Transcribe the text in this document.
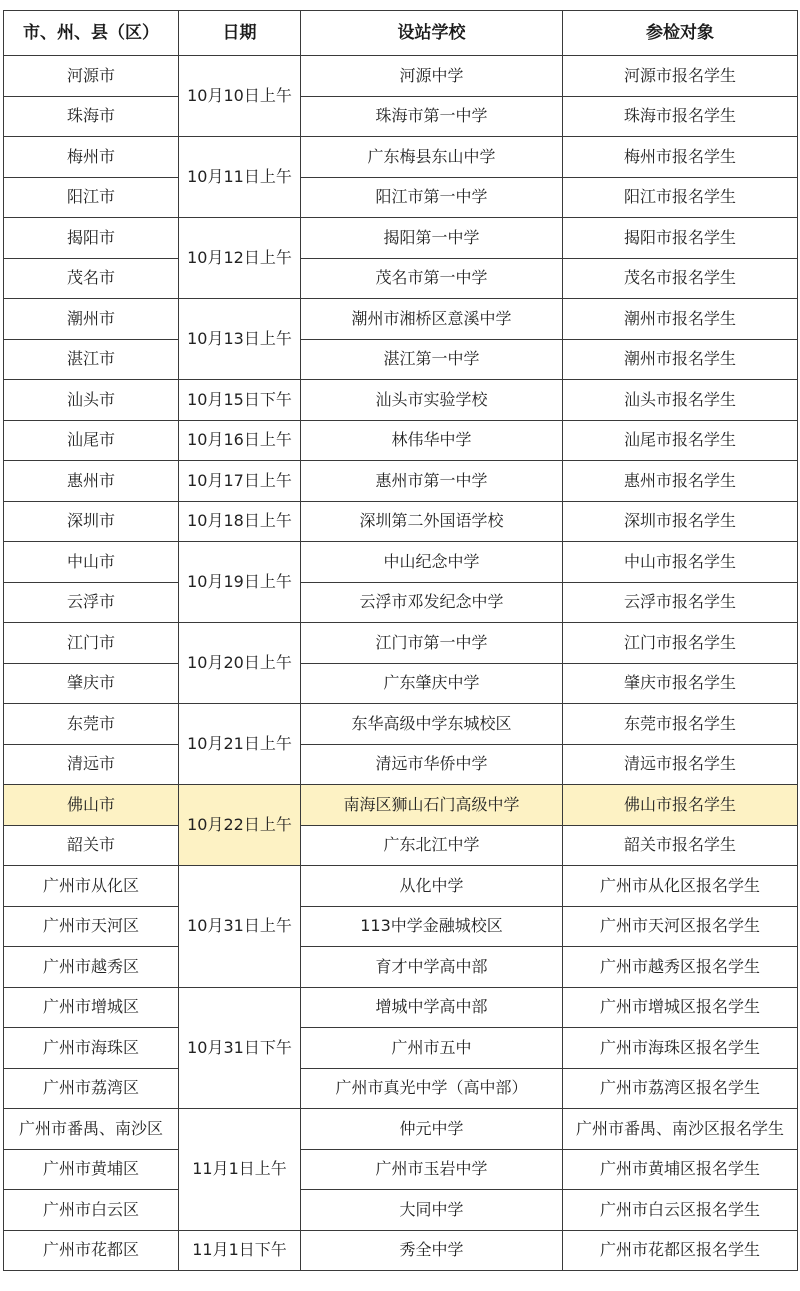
市、州、县（区）	日期	设站学校	参检对象
河源市	10月10日上午	河源中学	河源市报名学生
珠海市		珠海市第一中学	珠海市报名学生
梅州市	10月11日上午	广东梅县东山中学	梅州市报名学生
阳江市		阳江市第一中学	阳江市报名学生
揭阳市	10月12日上午	揭阳第一中学	揭阳市报名学生
茂名市		茂名市第一中学	茂名市报名学生
潮州市	10月13日上午	潮州市湘桥区意溪中学	潮州市报名学生
湛江市		湛江第一中学	潮州市报名学生
汕头市	10月15日下午	汕头市实验学校	汕头市报名学生
汕尾市	10月16日上午	林伟华中学	汕尾市报名学生
惠州市	10月17日上午	惠州市第一中学	惠州市报名学生
深圳市	10月18日上午	深圳第二外国语学校	深圳市报名学生
中山市	10月19日上午	中山纪念中学	中山市报名学生
云浮市		云浮市邓发纪念中学	云浮市报名学生
江门市	10月20日上午	江门市第一中学	江门市报名学生
肇庆市		广东肇庆中学	肇庆市报名学生
东莞市	10月21日上午	东华高级中学东城校区	东莞市报名学生
清远市		清远市华侨中学	清远市报名学生
佛山市	10月22日上午	南海区狮山石门高级中学	佛山市报名学生
韶关市		广东北江中学	韶关市报名学生
广州市从化区	10月31日上午	从化中学	广州市从化区报名学生
广州市天河区		113中学金融城校区	广州市天河区报名学生
广州市越秀区		育才中学高中部	广州市越秀区报名学生
广州市增城区	10月31日下午	增城中学高中部	广州市增城区报名学生
广州市海珠区		广州市五中	广州市海珠区报名学生
广州市荔湾区		广州市真光中学（高中部）	广州市荔湾区报名学生
广州市番禺、南沙区	11月1日上午	仲元中学	广州市番禺、南沙区报名学生
广州市黄埔区		广州市玉岩中学	广州市黄埔区报名学生
广州市白云区		大同中学	广州市白云区报名学生
广州市花都区	11月1日下午	秀全中学	广州市花都区报名学生
